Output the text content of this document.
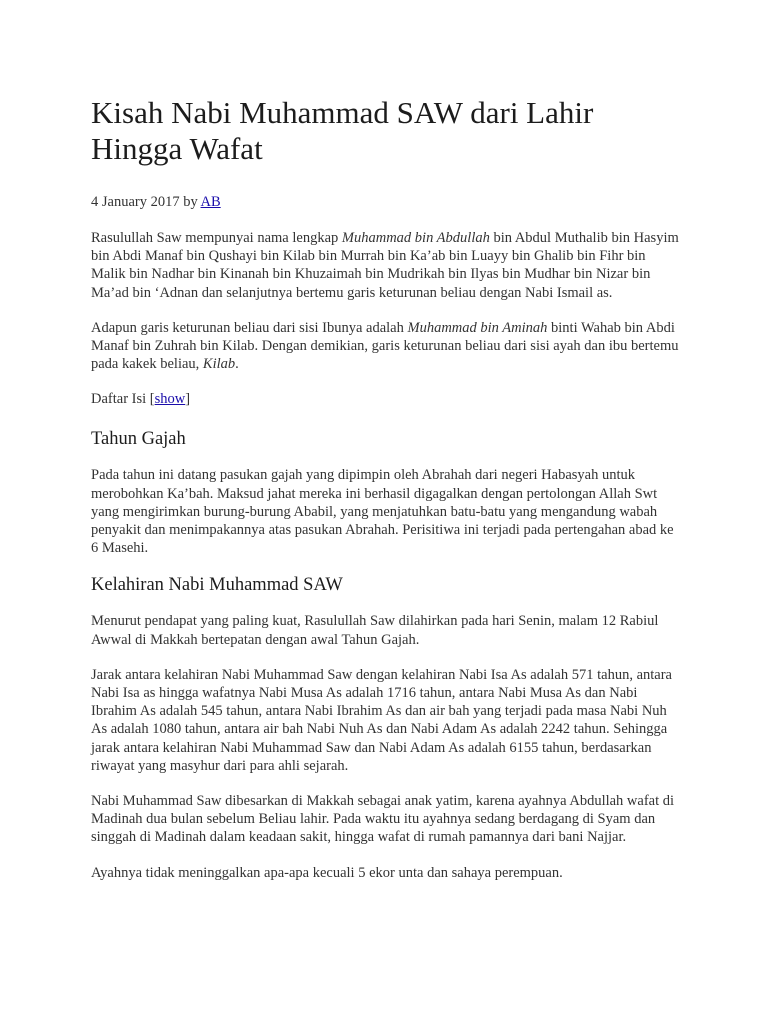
Kisah Nabi Muhammad SAW dari Lahir Hingga Wafat
4 January 2017 by AB

Rasulullah Saw mempunyai nama lengkap Muhammad bin Abdullah bin Abdul Muthalib bin Hasyim bin Abdi Manaf bin Qushayi bin Kilab bin Murrah bin Ka’ab bin Luayy bin Ghalib bin Fihr bin Malik bin Nadhar bin Kinanah bin Khuzaimah bin Mudrikah bin Ilyas bin Mudhar bin Nizar bin Ma’ad bin ‘Adnan dan selanjutnya bertemu garis keturunan beliau dengan Nabi Ismail as.

Adapun garis keturunan beliau dari sisi Ibunya adalah Muhammad bin Aminah binti Wahab bin Abdi Manaf bin Zuhrah bin Kilab. Dengan demikian, garis keturunan beliau dari sisi ayah dan ibu bertemu pada kakek beliau, Kilab.

Daftar Isi [show]
Tahun Gajah

Pada tahun ini datang pasukan gajah yang dipimpin oleh Abrahah dari negeri Habasyah untuk merobohkan Ka’bah. Maksud jahat mereka ini berhasil digagalkan dengan pertolongan Allah Swt yang mengirimkan burung-burung Ababil, yang menjatuhkan batu-batu yang mengandung wabah penyakit dan menimpakannya atas pasukan Abrahah. Perisitiwa ini terjadi pada pertengahan abad ke 6 Masehi.

Kelahiran Nabi Muhammad SAW

Menurut pendapat yang paling kuat, Rasulullah Saw dilahirkan pada hari Senin, malam 12 Rabiul Awwal di Makkah bertepatan dengan awal Tahun Gajah.

Jarak antara kelahiran Nabi Muhammad Saw dengan kelahiran Nabi Isa As adalah 571 tahun, antara Nabi Isa as hingga wafatnya Nabi Musa As adalah 1716 tahun, antara Nabi Musa As dan Nabi Ibrahim As adalah 545 tahun, antara Nabi Ibrahim As dan air bah yang terjadi pada masa Nabi Nuh As adalah 1080 tahun, antara air bah Nabi Nuh As dan Nabi Adam As adalah 2242 tahun. Sehingga jarak antara kelahiran Nabi Muhammad Saw dan Nabi Adam As adalah 6155 tahun, berdasarkan riwayat yang masyhur dari para ahli sejarah.

Nabi Muhammad Saw dibesarkan di Makkah sebagai anak yatim, karena ayahnya Abdullah wafat di Madinah dua bulan sebelum Beliau lahir. Pada waktu itu ayahnya sedang berdagang di Syam dan singgah di Madinah dalam keadaan sakit, hingga wafat di rumah pamannya dari bani Najjar.

Ayahnya tidak meninggalkan apa-apa kecuali 5 ekor unta dan sahaya perempuan.
